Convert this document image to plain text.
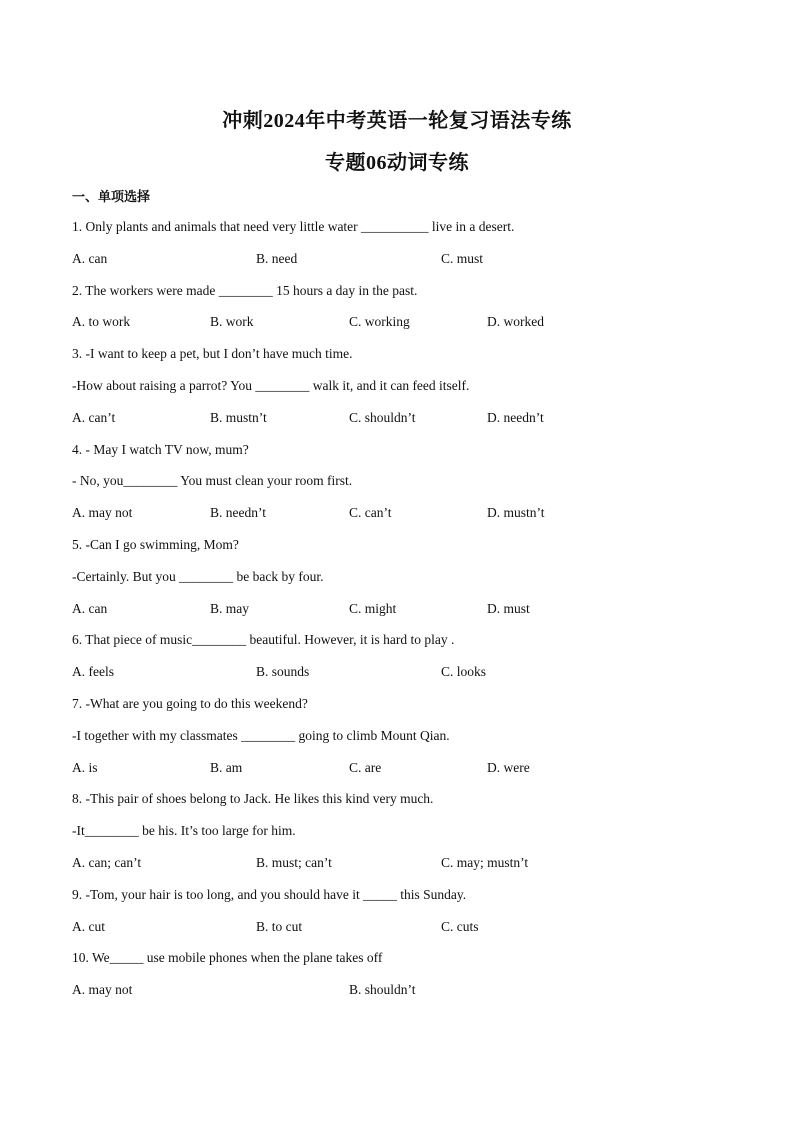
冲刺2024年中考英语一轮复习语法专练
专题06动词专练
一、单项选择
1. Only plants and animals that need very little water __________ live in a desert.
A. can	B. need	C. must
2. The workers were made ________ 15 hours a day in the past.
A. to work	B. work	C. working	D. worked
3. -I want to keep a pet, but I don’t have much time.
-How about raising a parrot? You ________ walk it, and it can feed itself.
A. can’t	B. mustn’t	C. shouldn’t	D. needn’t
4. - May I watch TV now, mum?
- No, you________ You must clean your room first.
A. may not	B. needn’t	C. can’t	D. mustn’t
5. -Can I go swimming, Mom?
-Certainly. But you ________ be back by four.
A. can	B. may	C. might	D. must
6. That piece of music________ beautiful. However, it is hard to play .
A. feels	B. sounds	C. looks
7. -What are you going to do this weekend?
-I together with my classmates ________ going to climb Mount Qian.
A. is	B. am	C. are	D. were
8. -This pair of shoes belong to Jack. He likes this kind very much.
-It________ be his. It’s too large for him.
A. can; can’t	B. must; can’t	C. may; mustn’t
9. -Tom, your hair is too long, and you should have it _____ this Sunday.
A. cut	B. to cut	C. cuts
10. We_____ use mobile phones when the plane takes off
A. may not	B. shouldn’t
